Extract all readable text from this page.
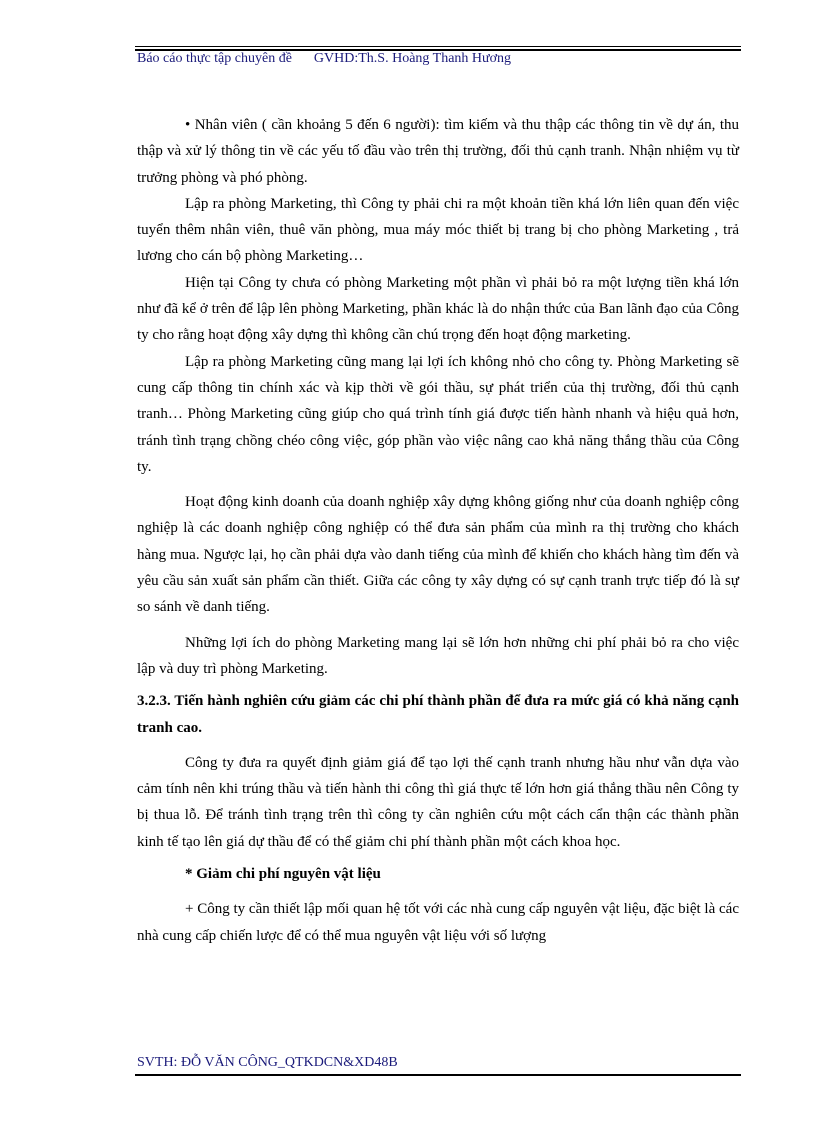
Báo cáo thực tập chuyên đề GVHD:Th.S. Hoàng Thanh Hương

• Nhân viên ( cần khoảng 5 đến 6 người): tìm kiếm và thu thập các thông tin về dự án, thu thập và xử lý thông tin về các yếu tố đầu vào trên thị trường, đối thủ cạnh tranh. Nhận nhiệm vụ từ trưởng phòng và phó phòng.

Lập ra phòng Marketing, thì Công ty phải chi ra một khoản tiền khá lớn liên quan đến việc tuyển thêm nhân viên, thuê văn phòng, mua máy móc thiết bị trang bị cho phòng Marketing , trả lương cho cán bộ phòng Marketing…

Hiện tại Công ty chưa có phòng Marketing một phần vì phải bỏ ra một lượng tiền khá lớn như đã kể ở trên để lập lên phòng Marketing, phần khác là do nhận thức của Ban lãnh đạo của Công ty cho rằng hoạt động xây dựng thì không cần chú trọng đến hoạt động marketing.

Lập ra phòng Marketing cũng mang lại lợi ích không nhỏ cho công ty. Phòng Marketing sẽ cung cấp thông tin chính xác và kịp thời về gói thầu, sự phát triển của thị trường, đối thủ cạnh tranh… Phòng Marketing cũng giúp cho quá trình tính giá được tiến hành nhanh và hiệu quả hơn, tránh tình trạng chồng chéo công việc, góp phần vào việc nâng cao khả năng thắng thầu của Công ty.

Hoạt động kinh doanh của doanh nghiệp xây dựng không giống như của doanh nghiệp công nghiệp là các doanh nghiệp công nghiệp có thể đưa sản phẩm của mình ra thị trường cho khách hàng mua. Ngược lại, họ cần phải dựa vào danh tiếng của mình để khiến cho khách hàng tìm đến và yêu cầu sản xuất sản phẩm cần thiết. Giữa các công ty xây dựng có sự cạnh tranh trực tiếp đó là sự so sánh về danh tiếng.

Những lợi ích do phòng Marketing mang lại sẽ lớn hơn những chi phí phải bỏ ra cho việc lập và duy trì phòng Marketing.

3.2.3. Tiến hành nghiên cứu giảm các chi phí thành phần để đưa ra mức giá có khả năng cạnh tranh cao.

Công ty đưa ra quyết định giảm giá để tạo lợi thế cạnh tranh nhưng hầu như vẫn dựa vào cảm tính nên khi trúng thầu và tiến hành thi công thì giá thực tế lớn hơn giá thắng thầu nên Công ty bị thua lỗ. Để tránh tình trạng trên thì công ty cần nghiên cứu một cách cẩn thận các thành phần kinh tế tạo lên giá dự thầu để có thể giảm chi phí thành phần một cách khoa học.

* Giảm chi phí nguyên vật liệu

+ Công ty cần thiết lập mối quan hệ tốt với các nhà cung cấp nguyên vật liệu, đặc biệt là các nhà cung cấp chiến lược để có thể mua nguyên vật liệu với số lượng

SVTH: ĐỖ VĂN CÔNG_QTKDCN&XD48B
